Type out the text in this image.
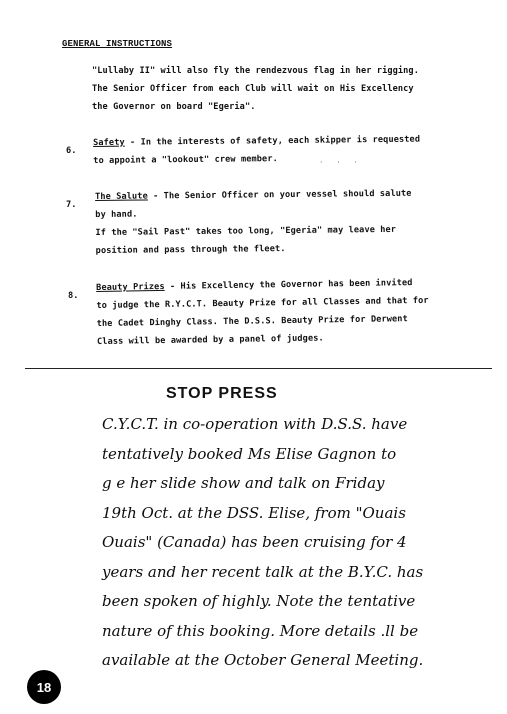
GENERAL INSTRUCTIONS
"Lullaby II" will also fly the rendezvous flag in her rigging.
The Senior Officer from each Club will wait on His Excellency
the Governor on board "Egeria".
6.
Safety - In the interests of safety, each skipper is requested
to appoint a "lookout" crew member.	· · ·
7.
The Salute - The Senior Officer on your vessel should salute
by hand.
If the "Sail Past" takes too long, "Egeria" may leave her
position and pass through the fleet.
8.
Beauty Prizes - His Excellency the Governor has been invited
to judge the R.Y.C.T. Beauty Prize for all Classes and that for
the Cadet Dinghy Class. The D.S.S. Beauty Prize for Derwent
Class will be awarded by a panel of judges.
STOP PRESS
C.Y.C.T. in co-operation with D.S.S. have
tentatively booked Ms Elise Gagnon to
g e her slide show and talk on Friday
19th Oct. at the DSS. Elise, from "Ouais
Ouais" (Canada) has been cruising for 4
years and her recent talk at the B.Y.C. has
been spoken of highly. Note the tentative
nature of this booking. More details .ll be
available at the October General Meeting.
18
